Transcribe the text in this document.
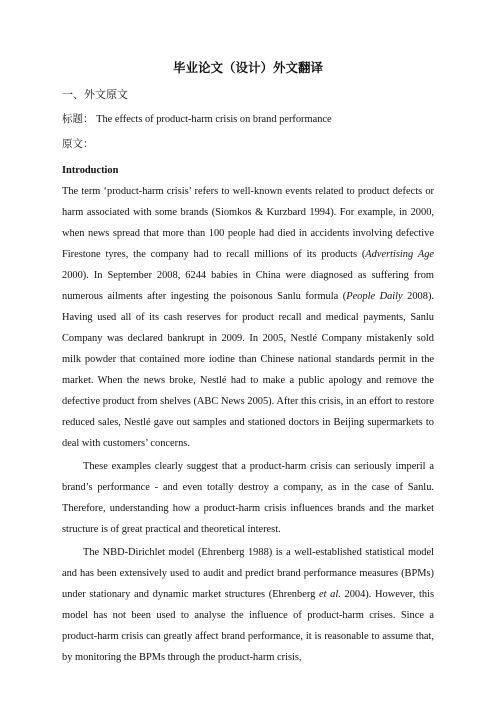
毕业论文（设计）外文翻译
一、外文原文
标题： The effects of product-harm crisis on brand performance
原文：
Introduction

The term ‘product-harm crisis’ refers to well-known events related to product defects or harm associated with some brands (Siomkos & Kurzbard 1994). For example, in 2000, when news spread that more than 100 people had died in accidents involving defective Firestone tyres, the company had to recall millions of its products (Advertising Age 2000). In September 2008, 6244 babies in China were diagnosed as suffering from numerous ailments after ingesting the poisonous Sanlu formula (People Daily 2008). Having used all of its cash reserves for product recall and medical payments, Sanlu Company was declared bankrupt in 2009. In 2005, Nestlé Company mistakenly sold milk powder that contained more iodine than Chinese national standards permit in the market. When the news broke, Nestlé had to make a public apology and remove the defective product from shelves (ABC News 2005). After this crisis, in an effort to restore reduced sales, Nestlé gave out samples and stationed doctors in Beijing supermarkets to deal with customers’ concerns.

These examples clearly suggest that a product-harm crisis can seriously imperil a brand’s performance - and even totally destroy a company, as in the case of Sanlu. Therefore, understanding how a product-harm crisis influences brands and the market structure is of great practical and theoretical interest.

The NBD-Dirichlet model (Ehrenberg 1988) is a well-established statistical model and has been extensively used to audit and predict brand performance measures (BPMs) under stationary and dynamic market structures (Ehrenberg et al. 2004). However, this model has not been used to analyse the influence of product-harm crises. Since a product-harm crisis can greatly affect brand performance, it is reasonable to assume that, by monitoring the BPMs through the product-harm crisis,
